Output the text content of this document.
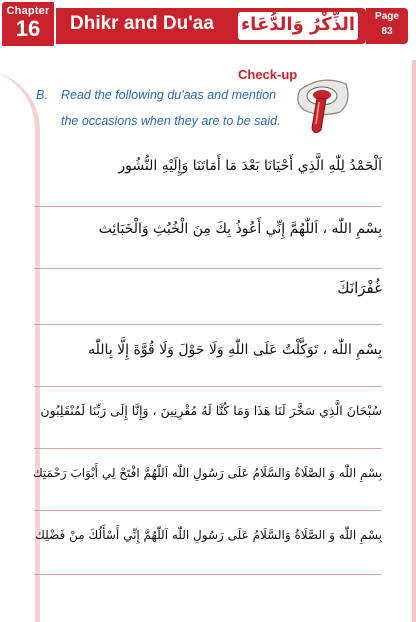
Chapter
16	Dhikr and Du'aa الذِّكْرُ وَالدُّعَاء	Page
83
Check-up
B. Read the following du'aas and mention
the occasions when they are to be said.
اَلْحَمْدُ لِلّٰهِ الَّذِي أَحْيَانَا بَعْدَ مَا أَمَاتَنَا وَإِلَيْهِ النُّشُور
بِسْمِ اللّٰه ، اَللّٰهُمَّ إِنِّي أَعُوذُ بِكَ مِنَ الْخُبُثِ وَالْخَبَائِث
غُفْرَانَكَ
بِسْمِ اللّٰه ، تَوَكَّلْتُ عَلَى اللّٰهِ وَلَا حَوْلَ وَلَا قُوَّةَ إِلَّا بِاللّٰه
سُبْحَانَ الَّذِي سَخَّرَ لَنَا هَذَا وَمَا كُنَّا لَهُ مُقْرِنِينَ ، وَإِنَّا إِلَى رَبِّنَا لَمُنْقَلِبُون
بِسْمِ اللّٰه وَ الصَّلَاةُ وَالسَّلَامُ عَلَى رَسُولِ اللّٰه اَللّٰهُمَّ افْتَحْ لِي أَبْوَابَ رَحْمَتِك
بِسْمِ اللّٰه وَ الصَّلَاةُ وَالسَّلَامُ عَلَى رَسُولِ اللّٰه اَللّٰهُمَّ إِنِّي أَسْأَلُكَ مِنْ فَضْلِك
